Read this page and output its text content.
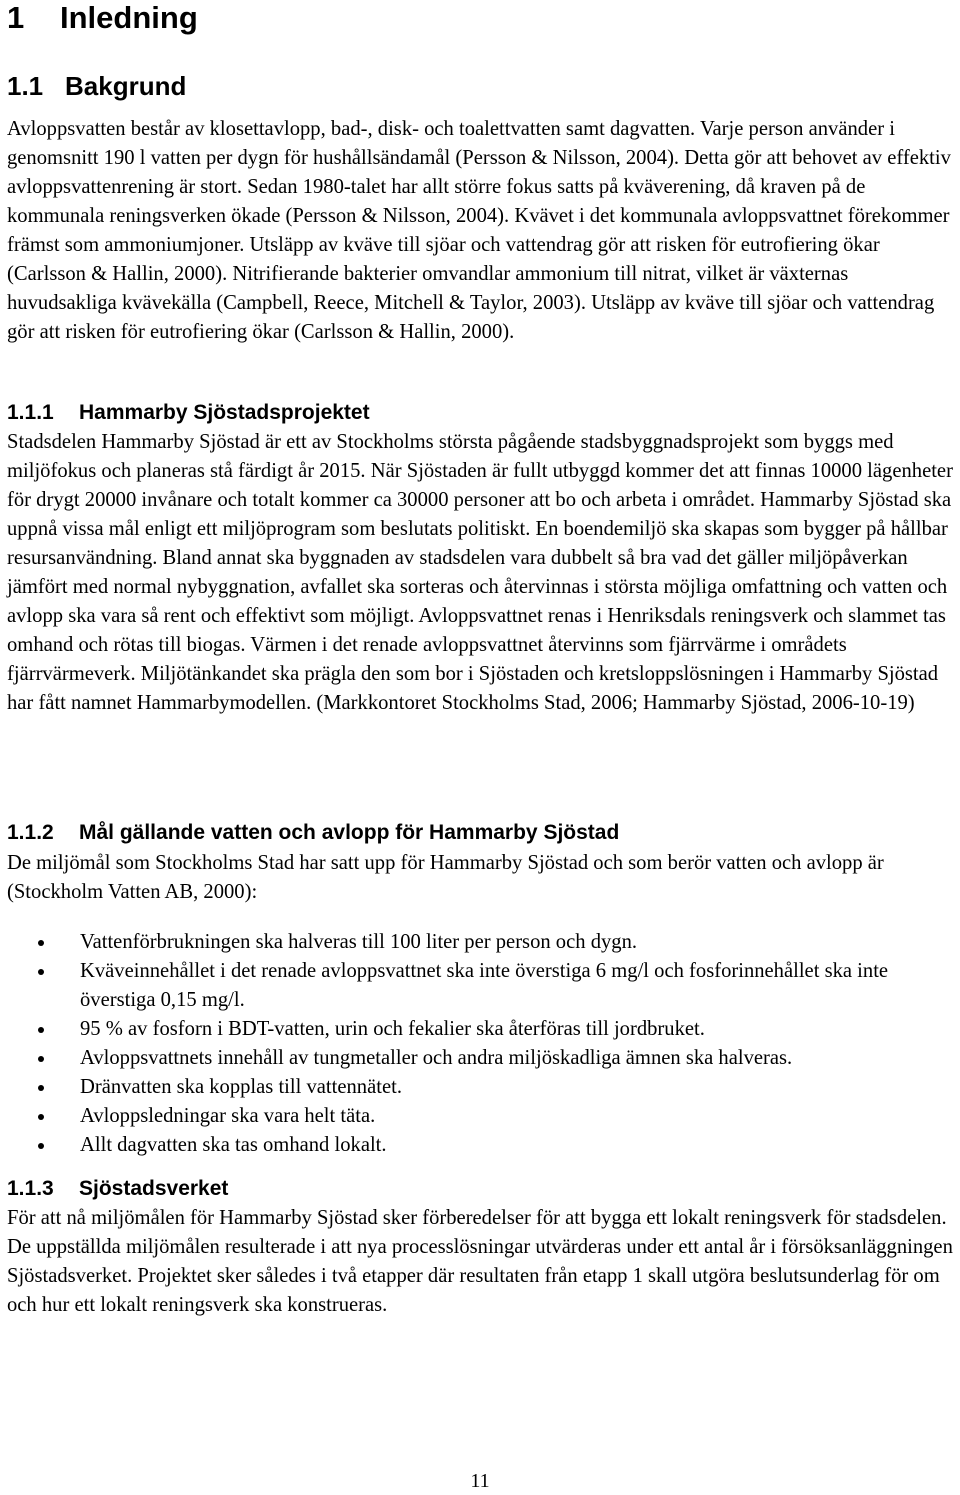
1 Inledning
1.1 Bakgrund

Avloppsvatten består av klosettavlopp, bad-, disk- och toalettvatten samt dagvatten. Varje person använder i genomsnitt 190 l vatten per dygn för hushållsändamål (Persson & Nilsson, 2004). Detta gör att behovet av effektiv avloppsvattenrening är stort. Sedan 1980-talet har allt större fokus satts på kväverening, då kraven på de kommunala reningsverken ökade (Persson & Nilsson, 2004). Kvävet i det kommunala avloppsvattnet förekommer främst som ammoniumjoner. Utsläpp av kväve till sjöar och vattendrag gör att risken för eutrofiering ökar (Carlsson & Hallin, 2000). Nitrifierande bakterier omvandlar ammonium till nitrat, vilket är växternas huvudsakliga kvävekälla (Campbell, Reece, Mitchell & Taylor, 2003). Utsläpp av kväve till sjöar och vattendrag gör att risken för eutrofiering ökar (Carlsson & Hallin, 2000).

1.1.1 Hammarby Sjöstadsprojektet

Stadsdelen Hammarby Sjöstad är ett av Stockholms största pågående stadsbyggnadsprojekt som byggs med miljöfokus och planeras stå färdigt år 2015. När Sjöstaden är fullt utbyggd kommer det att finnas 10000 lägenheter för drygt 20000 invånare och totalt kommer ca 30000 personer att bo och arbeta i området. Hammarby Sjöstad ska uppnå vissa mål enligt ett miljöprogram som beslutats politiskt. En boendemiljö ska skapas som bygger på hållbar resursanvändning. Bland annat ska byggnaden av stadsdelen vara dubbelt så bra vad det gäller miljöpåverkan jämfört med normal nybyggnation, avfallet ska sorteras och återvinnas i största möjliga omfattning och vatten och avlopp ska vara så rent och effektivt som möjligt. Avloppsvattnet renas i Henriksdals reningsverk och slammet tas omhand och rötas till biogas. Värmen i det renade avloppsvattnet återvinns som fjärrvärme i områdets fjärrvärmeverk. Miljötänkandet ska prägla den som bor i Sjöstaden och kretsloppslösningen i Hammarby Sjöstad har fått namnet Hammarbymodellen. (Markkontoret Stockholms Stad, 2006; Hammarby Sjöstad, 2006-10-19)

1.1.2 Mål gällande vatten och avlopp för Hammarby Sjöstad

De miljömål som Stockholms Stad har satt upp för Hammarby Sjöstad och som berör vatten och avlopp är (Stockholm Vatten AB, 2000):

Vattenförbrukningen ska halveras till 100 liter per person och dygn.
Kväveinnehållet i det renade avloppsvattnet ska inte överstiga 6 mg/l och fosforinnehållet ska inte överstiga 0,15 mg/l.
95 % av fosforn i BDT-vatten, urin och fekalier ska återföras till jordbruket.
Avloppsvattnets innehåll av tungmetaller och andra miljöskadliga ämnen ska halveras.
Dränvatten ska kopplas till vattennätet.
Avloppsledningar ska vara helt täta.
Allt dagvatten ska tas omhand lokalt.
1.1.3 Sjöstadsverket

För att nå miljömålen för Hammarby Sjöstad sker förberedelser för att bygga ett lokalt reningsverk för stadsdelen. De uppställda miljömålen resulterade i att nya processlösningar utvärderas under ett antal år i försöksanläggningen Sjöstadsverket. Projektet sker således i två etapper där resultaten från etapp 1 skall utgöra beslutsunderlag för om och hur ett lokalt reningsverk ska konstrueras.

11
